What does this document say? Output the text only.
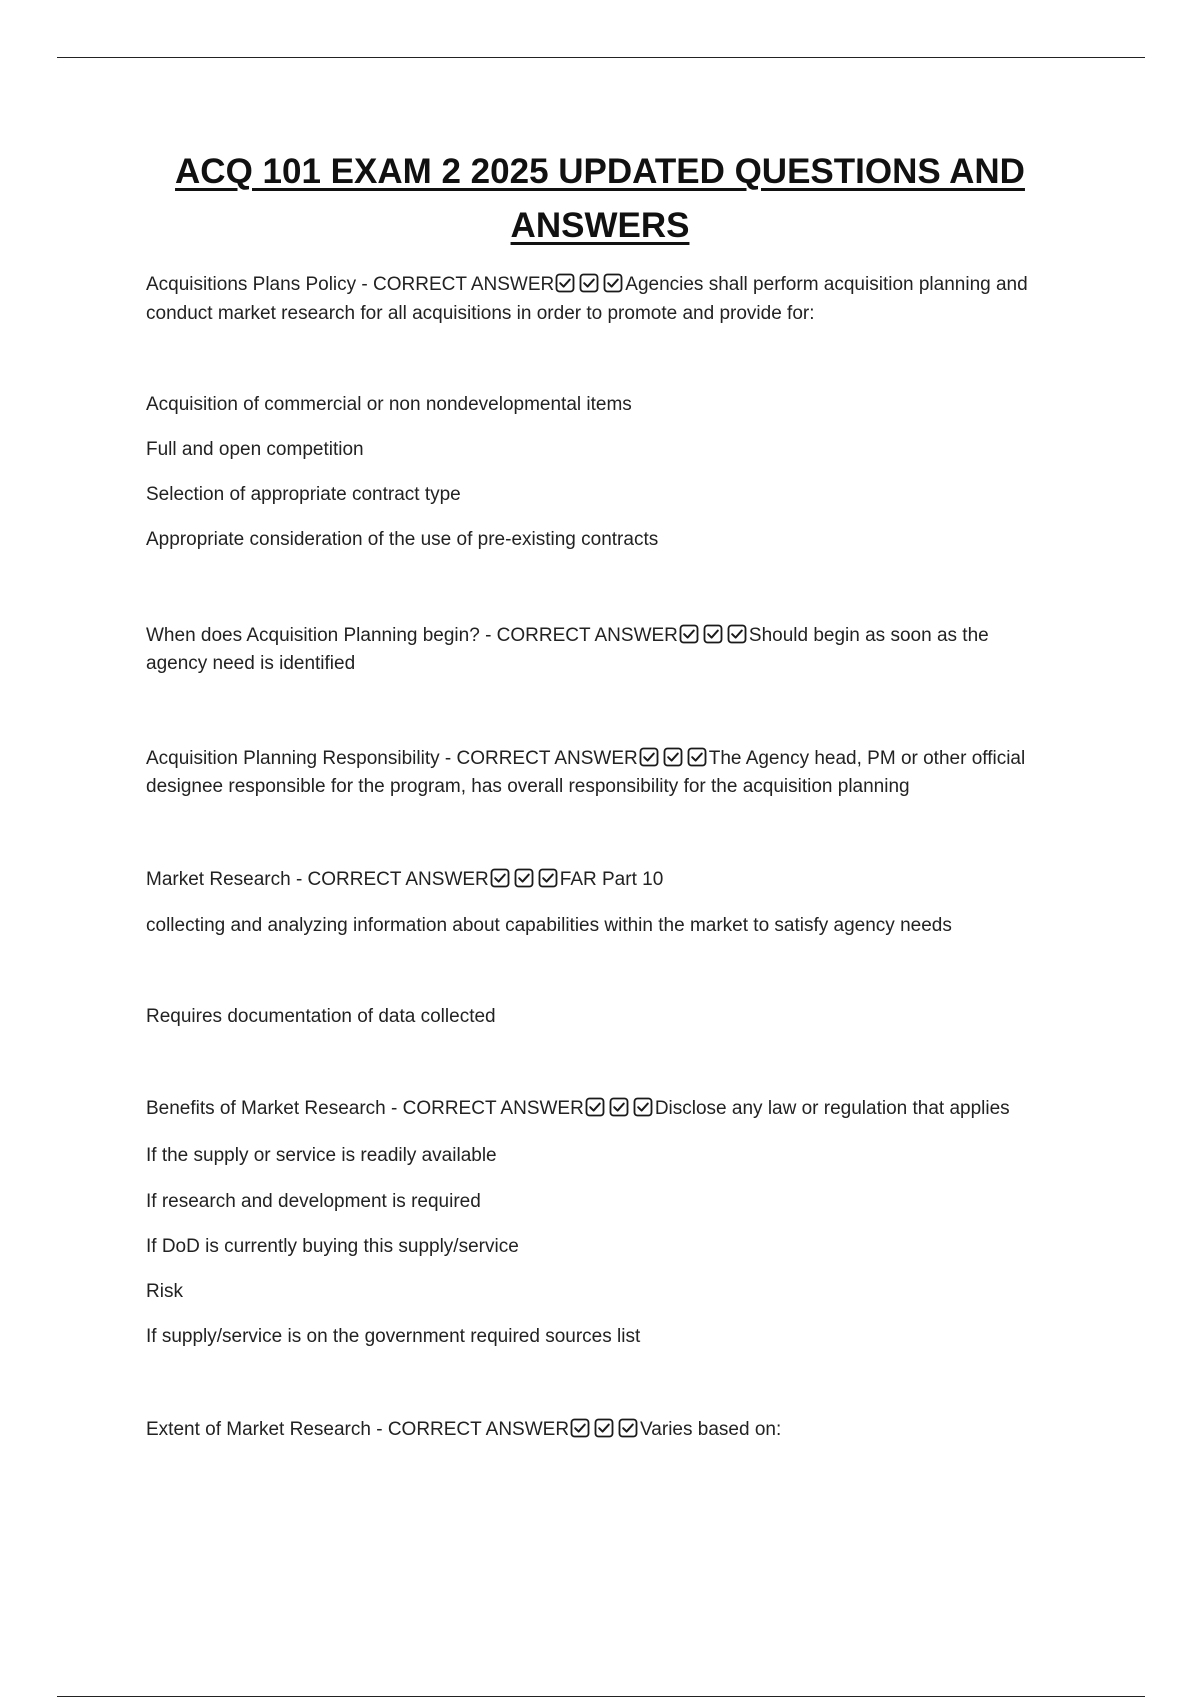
ACQ 101 EXAM 2 2025 UPDATED QUESTIONS AND
ANSWERS
Acquisitions Plans Policy - CORRECT ANSWER	Agencies shall perform acquisition planning and
conduct market research for all acquisitions in order to promote and provide for:
Acquisition of commercial or non nondevelopmental items
Full and open competition
Selection of appropriate contract type
Appropriate consideration of the use of pre-existing contracts
When does Acquisition Planning begin? - CORRECT ANSWER	Should begin as soon as the
agency need is identified
Acquisition Planning Responsibility - CORRECT ANSWER	The Agency head, PM or other official
designee responsible for the program, has overall responsibility for the acquisition planning
Market Research - CORRECT ANSWER	FAR Part 10
collecting and analyzing information about capabilities within the market to satisfy agency needs
Requires documentation of data collected
Benefits of Market Research - CORRECT ANSWER	Disclose any law or regulation that applies
If the supply or service is readily available
If research and development is required
If DoD is currently buying this supply/service
Risk
If supply/service is on the government required sources list
Extent of Market Research - CORRECT ANSWER	Varies based on:
